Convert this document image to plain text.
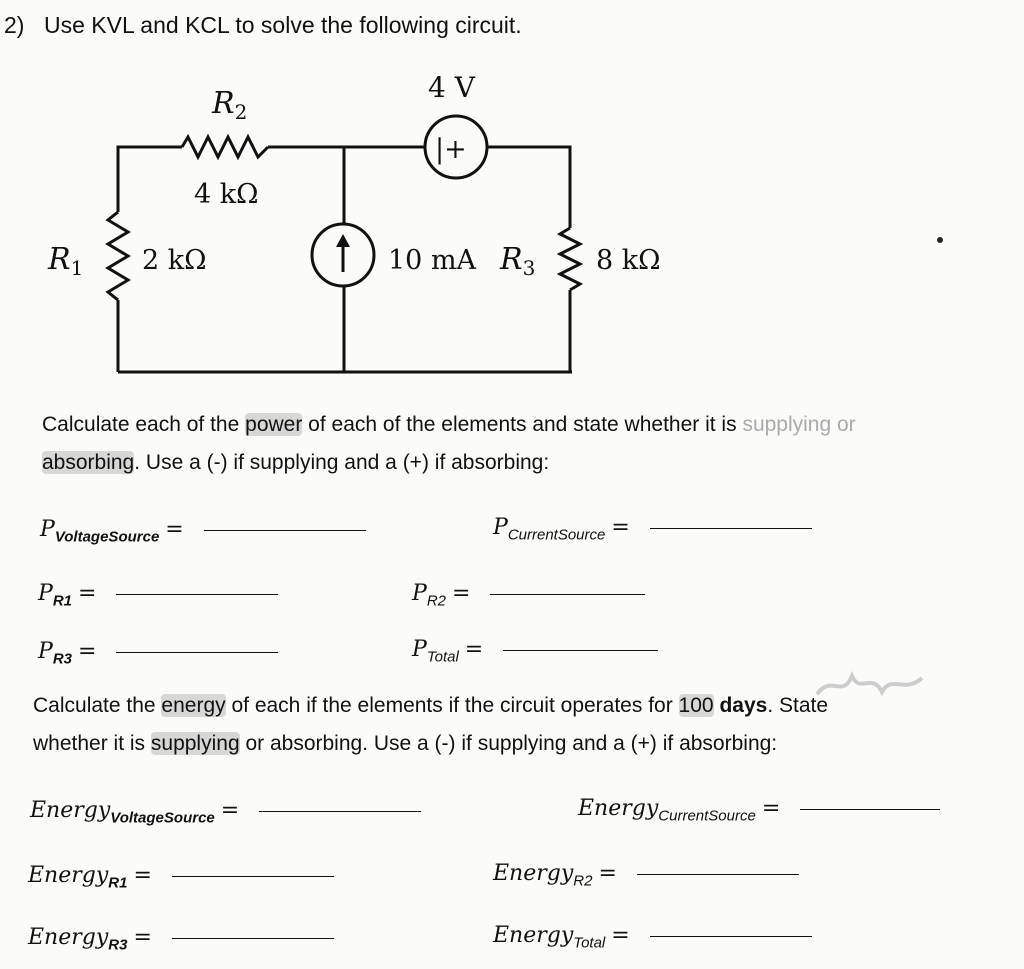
2) Use KVL and KCL to solve the following circuit.
$R_2$
4 kΩ
$R_1$ 2 kΩ
4 V
|+
10 mA $R_3$ 8 kΩ
Calculate each of the power of each of the elements and state whether it is supplying or
absorbing. Use a (-) if supplying and a (+) if absorbing:
$P_{VoltageSource}$ =	$P_{CurrentSource}$ =
$P_{R1}$ =	$P_{R2}$ =
$P_{R3}$ =	$P_{Total}$ =
Calculate the energy of each if the elements if the circuit operates for 100 days. State
whether it is supplying or absorbing. Use a (-) if supplying and a (+) if absorbing:
Energy$_{VoltageSource}$ =	Energy$_{CurrentSource}$ =
Energy$_{R1}$ =	Energy$_{R2}$ =
Energy$_{R3}$ =	Energy$_{Total}$ =
